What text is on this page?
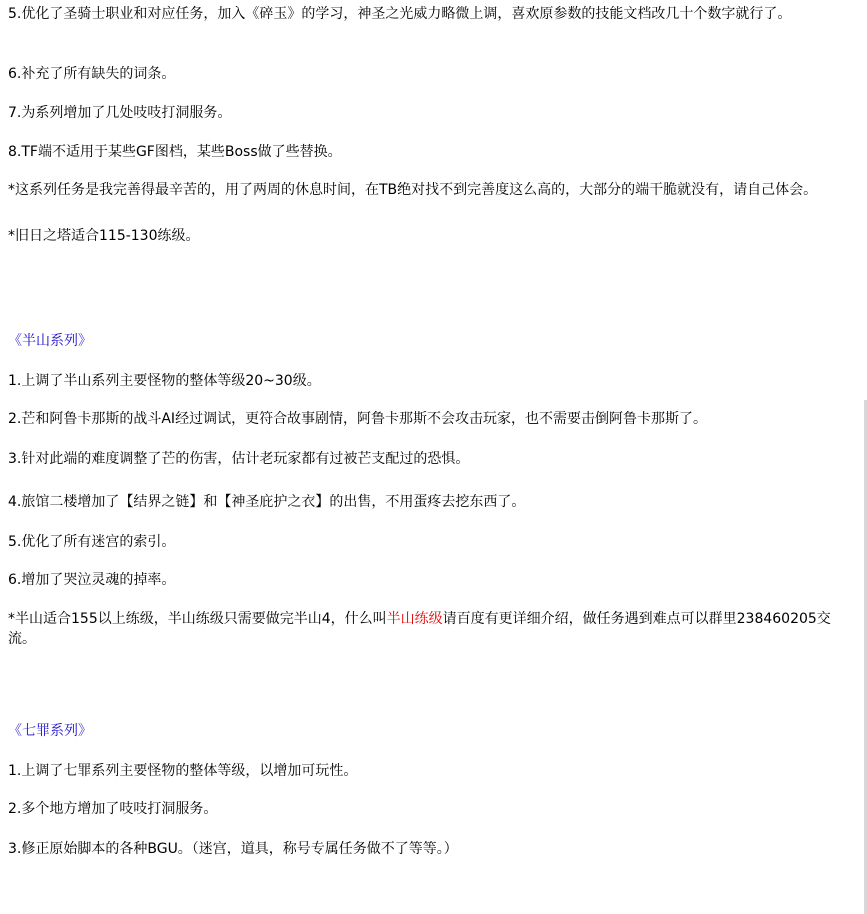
5.优化了圣骑士职业和对应任务，加入《碎玉》的学习，神圣之光威力略微上调，喜欢原参数的技能文档改几十个数字就行了。
6.补充了所有缺失的词条。
7.为系列增加了几处吱吱打洞服务。
8.TF端不适用于某些GF图档，某些Boss做了些替换。
*这系列任务是我完善得最辛苦的，用了两周的休息时间，在TB绝对找不到完善度这么高的，大部分的端干脆就没有，请自己体会。
*旧日之塔适合115-130练级。
《半山系列》
1.上调了半山系列主要怪物的整体等级20~30级。
2.芒和阿鲁卡那斯的战斗AI经过调试，更符合故事剧情，阿鲁卡那斯不会攻击玩家，也不需要击倒阿鲁卡那斯了。
3.针对此端的难度调整了芒的伤害，估计老玩家都有过被芒支配过的恐惧。
4.旅馆二楼增加了【结界之链】和【神圣庇护之衣】的出售，不用蛋疼去挖东西了。
5.优化了所有迷宫的索引。
6.增加了哭泣灵魂的掉率。
*半山适合155以上练级，半山练级只需要做完半山4，什么叫半山练级请百度有更详细介绍，做任务遇到难点可以群里238460205交流。
《七罪系列》
1.上调了七罪系列主要怪物的整体等级，以增加可玩性。
2.多个地方增加了吱吱打洞服务。
3.修正原始脚本的各种BGU。（迷宫，道具，称号专属任务做不了等等。）
